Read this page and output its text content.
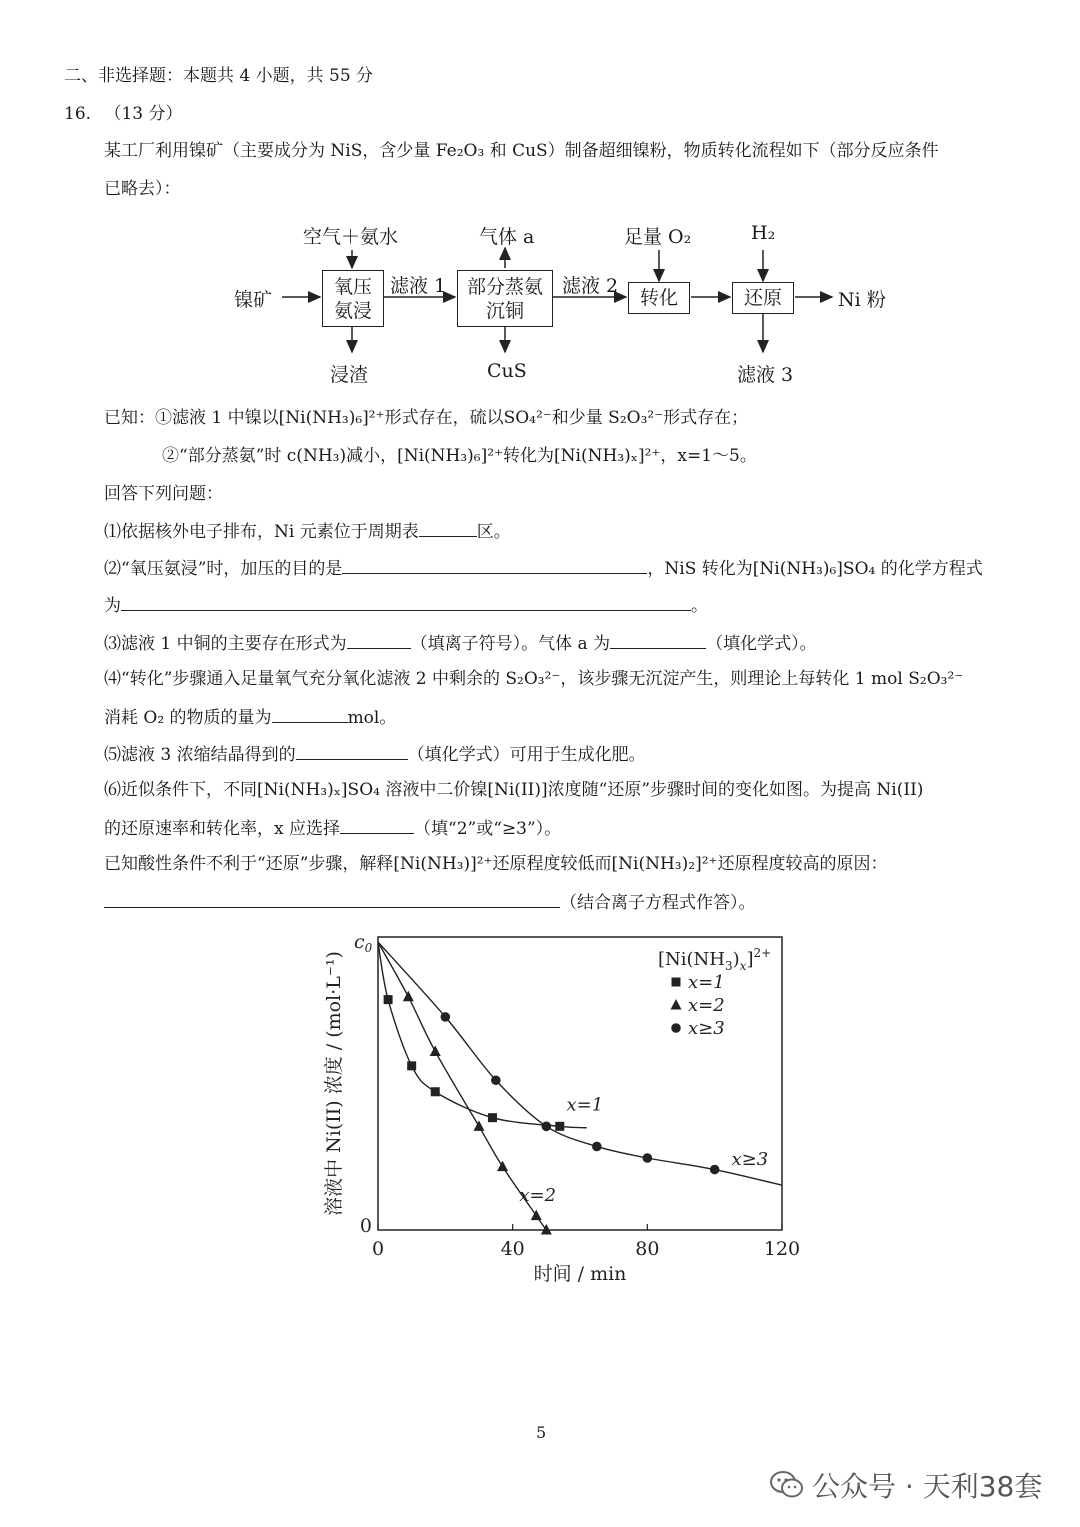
二、非选择题：本题共 4 小题，共 55 分
16. （13 分）
某工厂利用镍矿（主要成分为 NiS，含少量 Fe₂O₃ 和 CuS）制备超细镍粉，物质转化流程如下（部分反应条件
已略去）：
镍矿
氧压
氨浸
空气＋氨水
浸渣
滤液 1 部分蒸氨
沉铜
气体 a
CuS
滤液 2
转化
足量 O₂
还原
H₂
滤液 3
Ni 粉
已知：①滤液 1 中镍以[Ni(NH₃)₆]²⁺形式存在，硫以SO₄²⁻和少量 S₂O₃²⁻形式存在；
②“部分蒸氨”时 c(NH₃)减小，[Ni(NH₃)₆]²⁺转化为[Ni(NH₃)ₓ]²⁺，x=1～5。
回答下列问题：
⑴依据核外电子排布，Ni 元素位于周期表	区。
⑵“氧压氨浸”时，加压的目的是	，NiS 转化为[Ni(NH₃)₆]SO₄ 的化学方程式
为	。
⑶滤液 1 中铜的主要存在形式为	（填离子符号）。气体 a 为	（填化学式）。
⑷“转化”步骤通入足量氧气充分氧化滤液 2 中剩余的 S₂O₃²⁻，该步骤无沉淀产生，则理论上每转化 1 mol S₂O₃²⁻
消耗 O₂ 的物质的量为	mol。
⑸滤液 3 浓缩结晶得到的	（填化学式）可用于生成化肥。
⑹近似条件下，不同[Ni(NH₃)ₓ]SO₄ 溶液中二价镍[Ni(II)]浓度随“还原”步骤时间的变化如图。为提高 Ni(II)
的还原速率和转化率，x 应选择	（填“2”或“≥3”）。
已知酸性条件不利于“还原”步骤，解释[Ni(NH₃)]²⁺还原程度较低而[Ni(NH₃)₂]²⁺还原程度较高的原因：
（结合离子方程式作答）。
0	40	80	120
0
$c_0$
时间 / min
溶液中 Ni(II) 浓度 / (mol·L⁻¹)	x=1
x=2
x≥3
$[Ni(NH_3)_x]^{2+}$
x=1
x=2
x≥3
5
公众号 · 天利38套
